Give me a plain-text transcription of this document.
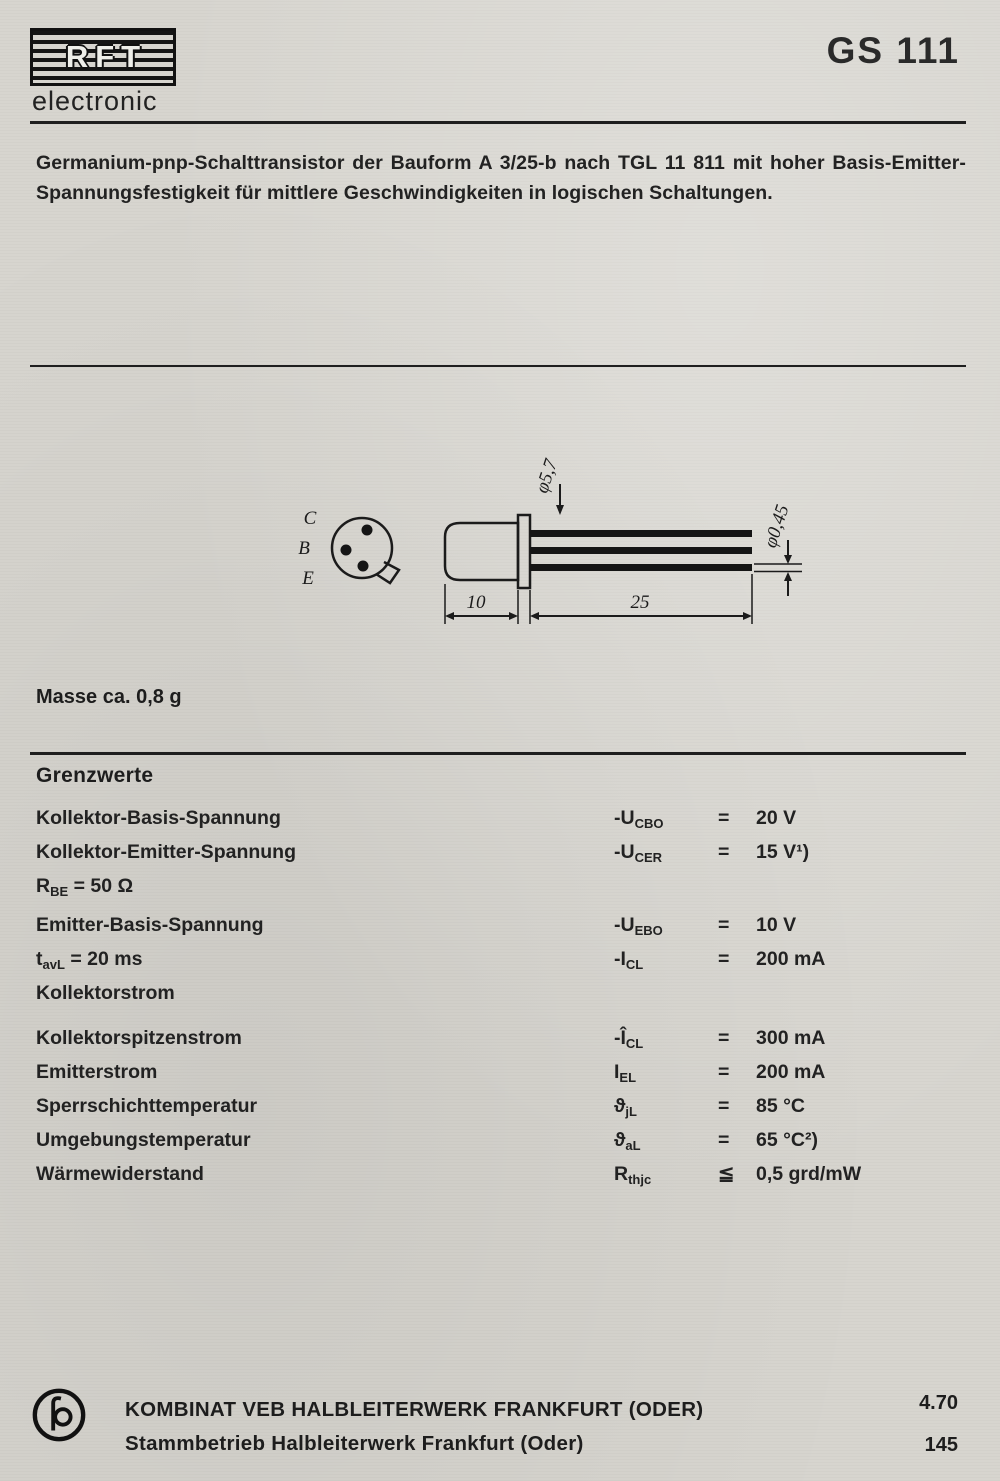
RFT
electronic
GS 111
Germanium-pnp-Schalttransistor der Bauform A 3/25-b nach TGL 11 811 mit hoher Basis-Emitter-Spannungsfestigkeit für mittlere Geschwindigkeiten in logischen Schaltungen.
C
B
E
φ5,7
φ0,45
10	25
Masse ca. 0,8 g
Grenzwerte
Kollektor-Basis-Spannung	$-U_{CBO}$	=	20 V
Kollektor-Emitter-Spannung	$-U_{CER}$	=	15 V¹)
$R_{BE} = 50$ Ω
Emitter-Basis-Spannung	$-U_{EBO}$	=	10 V
$t_{avL} = 20$ ms	$-I_{CL}$	=	200 mA
Kollektorstrom
Kollektorspitzenstrom	$-Î_{CL}$	=	300 mA
Emitterstrom	$I_{EL}$	=	200 mA
Sperrschichttemperatur	$ϑ_{jL}$	=	85 °C
Umgebungstemperatur	$ϑ_{aL}$	=	65 °C²)
Wärmewiderstand	$R_{thjc}$	≦	0,5 grd/mW
KOMBINAT VEB HALBLEITERWERK FRANKFURT (ODER)
Stammbetrieb Halbleiterwerk Frankfurt (Oder)
4.70
145
